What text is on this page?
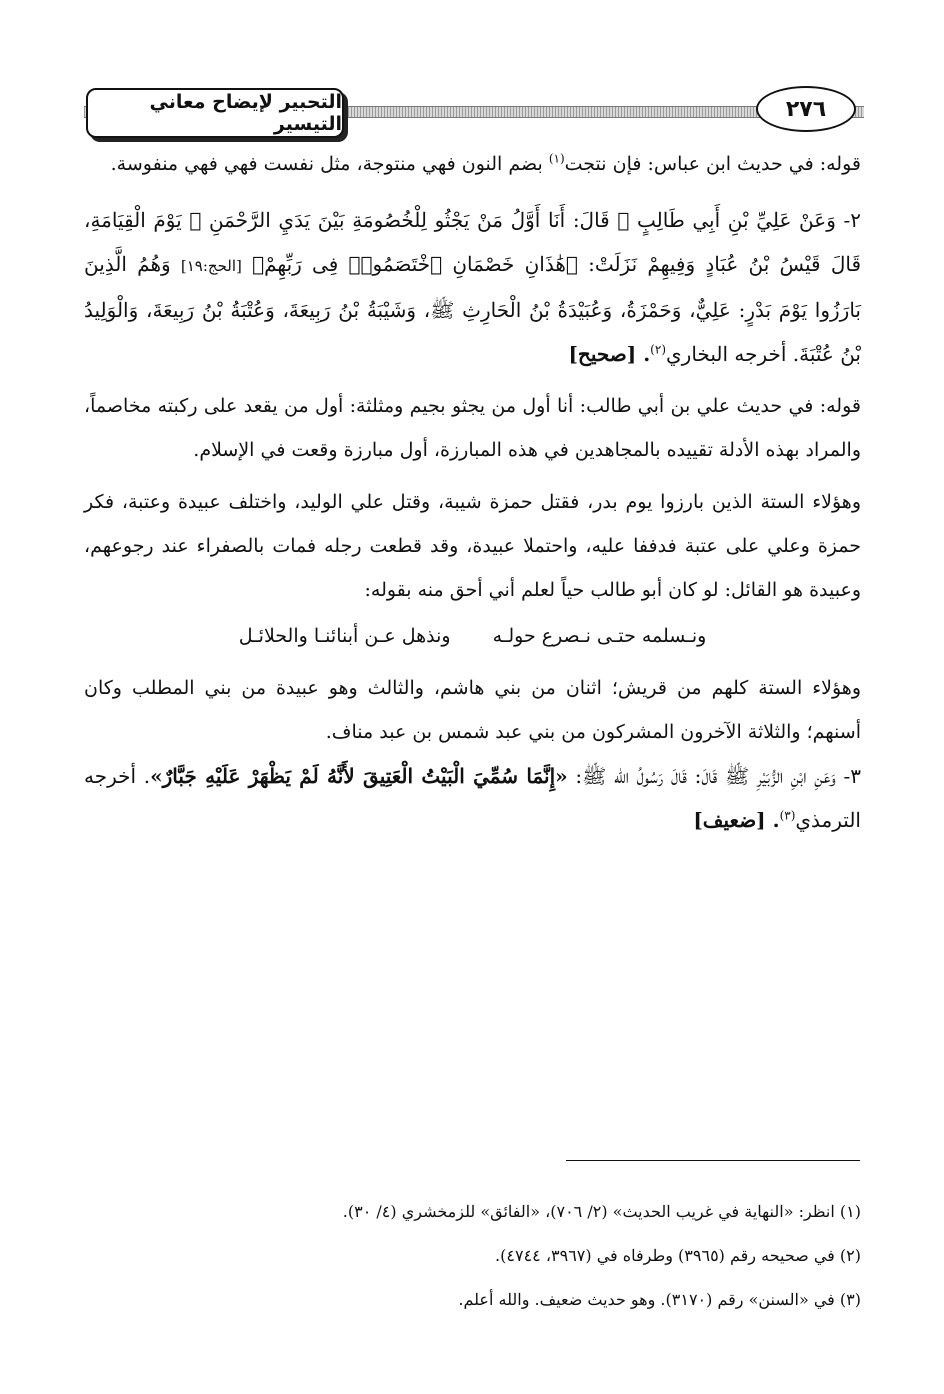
التحبير لإيضاح معاني التيسير
٢٧٦

قوله: في حديث ابن عباس: فإن نتجت$^{(١)}$ بضم النون فهي منتوجة، مثل نفست فهي فهي منفوسة.

٢- وَعَنْ عَلِيِّ بْنِ أَبِي طَالِبٍ ﷺ قَالَ: أَنَا أَوَّلُ مَنْ يَجْثُو لِلْخُصُومَةِ بَيْنَ يَدَيِ الرَّحْمَنِ ﷻ يَوْمَ الْقِيَامَةِ، قَالَ قَيْسُ بْنُ عُبَادٍ وَفِيهِمْ نَزَلَتْ: ﴿هَٰذَانِ خَصْمَانِ ٱخْتَصَمُوا۟ فِى رَبِّهِمْ﴾ [الحج:١٩] وَهُمُ الَّذِينَ بَارَزُوا يَوْمَ بَدْرٍ: عَلِيٌّ، وَحَمْزَةُ، وَعُبَيْدَةُ بْنُ الْحَارِثِ ﷺ، وَشَيْبَةُ بْنُ رَبِيعَةَ، وَعُتْبَةُ بْنُ رَبِيعَةَ، وَالْوَلِيدُ بْنُ عُتْبَةَ. أخرجه البخاري$^{(٢)}$. [صحيح]

قوله: في حديث علي بن أبي طالب: أنا أول من يجثو بجيم ومثلثة: أول من يقعد على ركبته مخاصماً، والمراد بهذه الأدلة تقييده بالمجاهدين في هذه المبارزة، أول مبارزة وقعت في الإسلام.

وهؤلاء الستة الذين بارزوا يوم بدر، فقتل حمزة شيبة، وقتل علي الوليد، واختلف عبيدة وعتبة، فكر حمزة وعلي على عتبة فدففا عليه، واحتملا عبيدة، وقد قطعت رجله فمات بالصفراء عند رجوعهم، وعبيدة هو القائل: لو كان أبو طالب حياً لعلم أني أحق منه بقوله:

ونـسلمه حتـى نـصرع حولـه
ونذهل عـن أبنائنـا والحلائـل

وهؤلاء الستة كلهم من قريش؛ اثنان من بني هاشم، والثالث وهو عبيدة من بني المطلب وكان أسنهم؛ والثلاثة الآخرون المشركون من بني عبد شمس بن عبد مناف.

٣- وَعَنِ ابْنِ الزُّبَيْرِ ﷺ قَالَ: قَالَ رَسُولُ الله ﷺ: «إِنَّمَا سُمِّيَ الْبَيْتُ الْعَتِيقَ لأَنَّهُ لَمْ يَظْهَرْ عَلَيْهِ جَبَّارٌ». أخرجه الترمذي$^{(٣)}$. [ضعيف]

(١) انظر: «النهاية في غريب الحديث» (٢/ ٧٠٦)، «الفائق» للزمخشري (٤/ ٣٠).

(٢) في صحيحه رقم (٣٩٦٥) وطرفاه في (٣٩٦٧، ٤٧٤٤).

(٣) في «السنن» رقم (٣١٧٠). وهو حديث ضعيف. والله أعلم.
